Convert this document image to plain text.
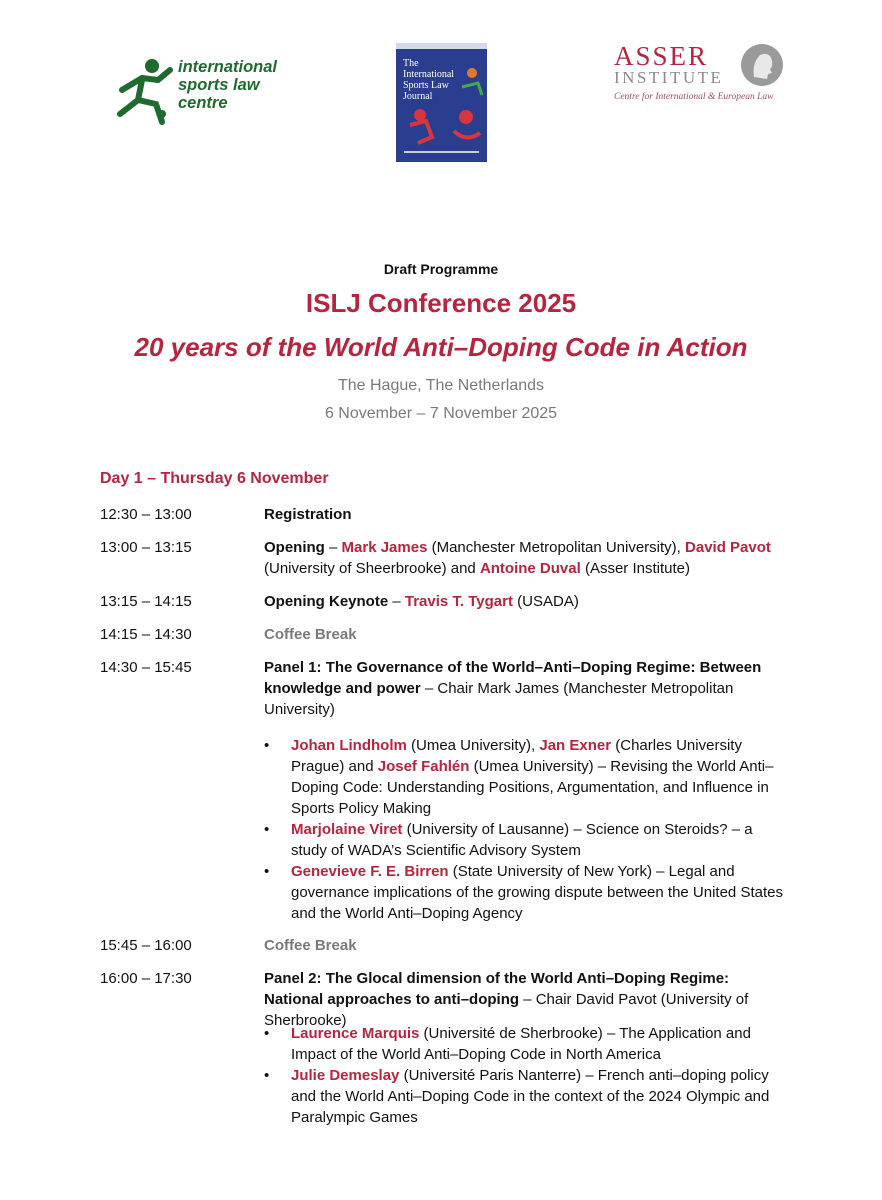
international
sports law
centre
The
International
Sports Law
Journal
ASSER
INSTITUTE
Centre for International & European Law
Draft Programme
ISLJ Conference 2025
20 years of the World Anti–Doping Code in Action
The Hague, The Netherlands
6 November – 7 November 2025
Day 1 – Thursday 6 November
12:30 – 13:00	Registration
13:00 – 13:15	Opening – Mark James (Manchester Metropolitan University), David Pavot (University of Sheerbrooke) and Antoine Duval (Asser Institute)
13:15 – 14:15	Opening Keynote – Travis T. Tygart (USADA)
14:15 – 14:30	Coffee Break
14:30 – 15:45	Panel 1: The Governance of the World–Anti–Doping Regime: Between knowledge and power – Chair Mark James (Manchester Metropolitan University)
• Johan Lindholm (Umea University), Jan Exner (Charles University Prague) and Josef Fahlén (Umea University) – Revising the World Anti–Doping Code: Understanding Positions, Argumentation, and Influence in Sports Policy Making
• Marjolaine Viret (University of Lausanne) – Science on Steroids? – a study of WADA’s Scientific Advisory System
• Genevieve F. E. Birren (State University of New York) – Legal and governance implications of the growing dispute between the United States and the World Anti–Doping Agency
15:45 – 16:00	Coffee Break
16:00 – 17:30	Panel 2: The Glocal dimension of the World Anti–Doping Regime: National approaches to anti–doping – Chair David Pavot (University of Sherbrooke)
• Laurence Marquis (Université de Sherbrooke) – The Application and Impact of the World Anti–Doping Code in North America
• Julie Demeslay (Université Paris Nanterre) – French anti–doping policy and the World Anti–Doping Code in the context of the 2024 Olympic and Paralympic Games
